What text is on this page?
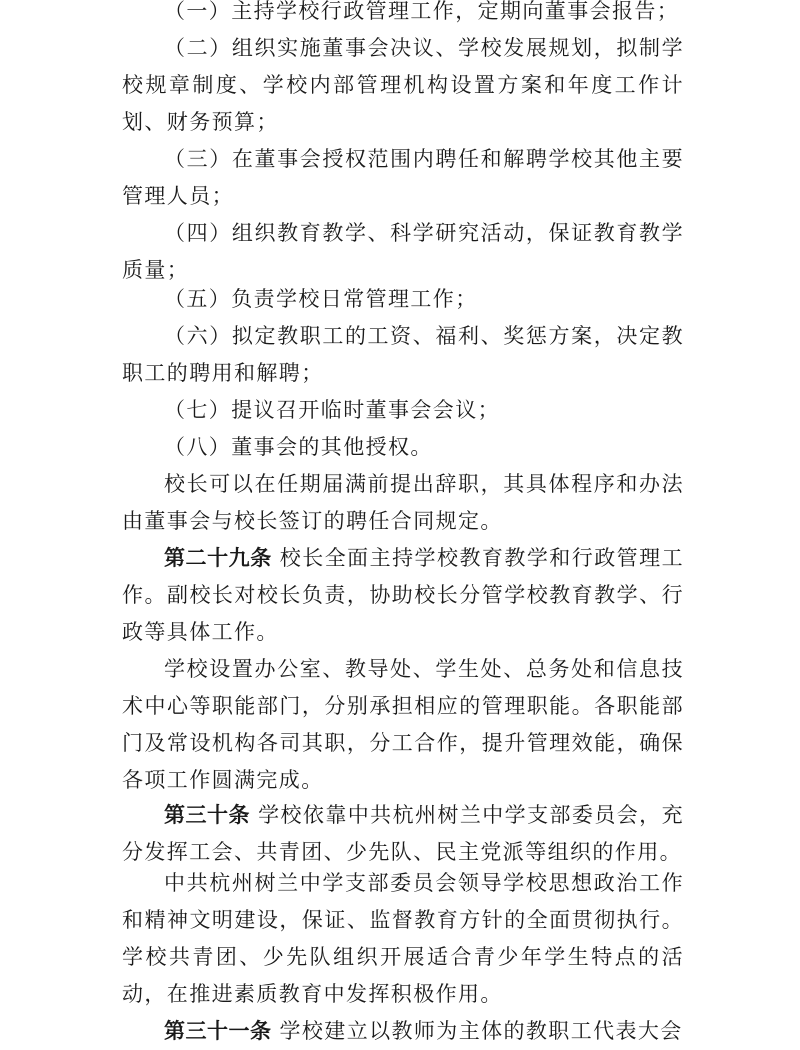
（一）主持学校行政管理工作，定期向董事会报告；

（二）组织实施董事会决议、学校发展规划，拟制学校规章制度、学校内部管理机构设置方案和年度工作计划、财务预算；

（三）在董事会授权范围内聘任和解聘学校其他主要管理人员；

（四）组织教育教学、科学研究活动，保证教育教学质量；

（五）负责学校日常管理工作；

（六）拟定教职工的工资、福利、奖惩方案，决定教职工的聘用和解聘；

（七）提议召开临时董事会会议；

（八）董事会的其他授权。

校长可以在任期届满前提出辞职，其具体程序和办法由董事会与校长签订的聘任合同规定。

第二十九条 校长全面主持学校教育教学和行政管理工作。副校长对校长负责，协助校长分管学校教育教学、行政等具体工作。

学校设置办公室、教导处、学生处、总务处和信息技术中心等职能部门，分别承担相应的管理职能。各职能部门及常设机构各司其职，分工合作，提升管理效能，确保各项工作圆满完成。

第三十条 学校依靠中共杭州树兰中学支部委员会，充分发挥工会、共青团、少先队、民主党派等组织的作用。

中共杭州树兰中学支部委员会领导学校思想政治工作和精神文明建设，保证、监督教育方针的全面贯彻执行。学校共青团、少先队组织开展适合青少年学生特点的活动，在推进素质教育中发挥积极作用。

第三十一条 学校建立以教师为主体的教职工代表大会
